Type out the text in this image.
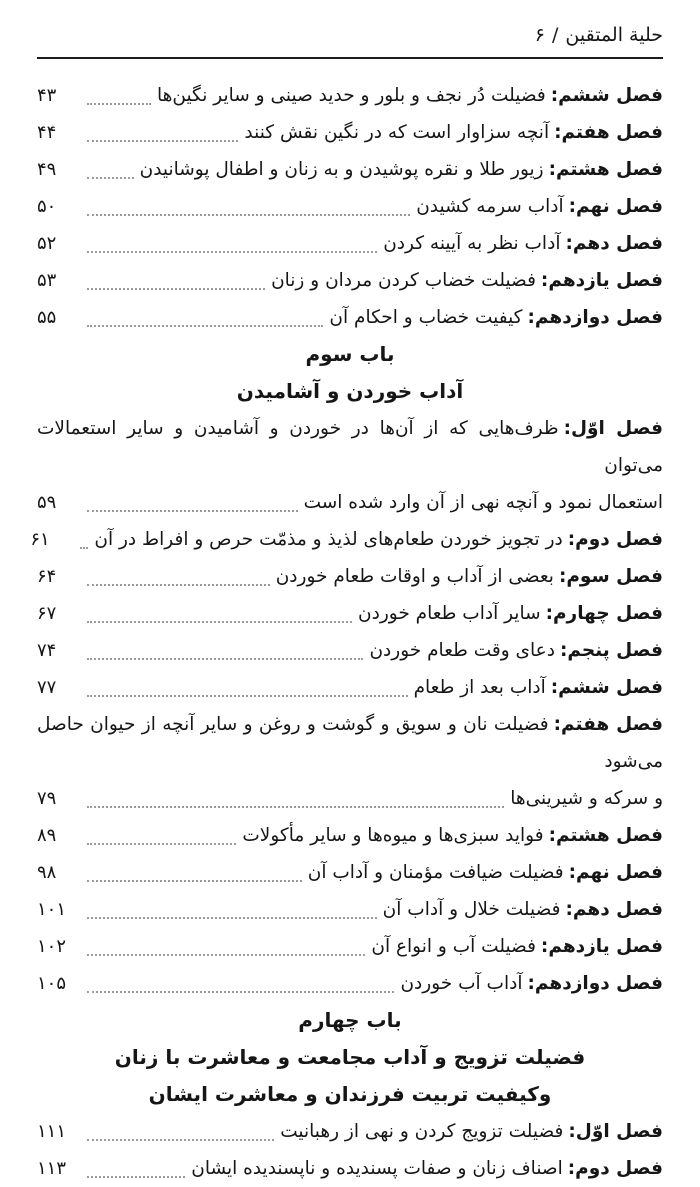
۶ / حلية المتقين
فصل ششم:فضیلت دُر نجف و بلور و حدید صینی و سایر نگین‌ها
۴۳
فصل هفتم:آنچه سزاوار است که در نگین نقش کنند
۴۴
فصل هشتم:زیور طلا و نقره پوشیدن و به زنان و اطفال پوشانیدن
۴۹
فصل نهم:آداب سرمه کشیدن
۵۰
فصل دهم:آداب نظر به آیینه کردن
۵۲
فصل یازدهم:فضیلت خضاب کردن مردان و زنان
۵۳
فصل دوازدهم:کیفیت خضاب و احکام آن
۵۵
باب سوم
آداب خوردن و آشامیدن
فصل اوّل:ظرف‌هایی که از آن‌ها در خوردن و آشامیدن و سایر استعمالات می‌توان
استعمال نمود و آنچه نهی از آن وارد شده است
۵۹
فصل دوم:در تجویز خوردن طعام‌های لذیذ و مذمّت حرص و افراط در آن
۶۱
فصل سوم:بعضی از آداب و اوقات طعام خوردن
۶۴
فصل چهارم:سایر آداب طعام خوردن
۶۷
فصل پنجم:دعای وقت طعام خوردن
۷۴
فصل ششم:آداب بعد از طعام
۷۷
فصل هفتم:فضیلت نان و سویق و گوشت و روغن و سایر آنچه از حیوان حاصل می‌شود
و سرکه و شیرینی‌ها
۷۹
فصل هشتم:فواید سبزی‌ها و میوه‌ها و سایر مأکولات
۸۹
فصل نهم:فضیلت ضیافت مؤمنان و آداب آن
۹۸
فصل دهم:فضیلت خلال و آداب آن
۱۰۱
فصل یازدهم:فضیلت آب و انواع آن
۱۰۲
فصل دوازدهم:آداب آب خوردن
۱۰۵
باب چهارم
فضیلت تزویج و آداب مجامعت و معاشرت با زنان
وکیفیت تربیت فرزندان و معاشرت ایشان
فصل اوّل:فضیلت تزویج کردن و نهی از رهبانیت
۱۱۱
فصل دوم:اصناف زنان و صفات پسندیده و ناپسندیده ایشان
۱۱۳
